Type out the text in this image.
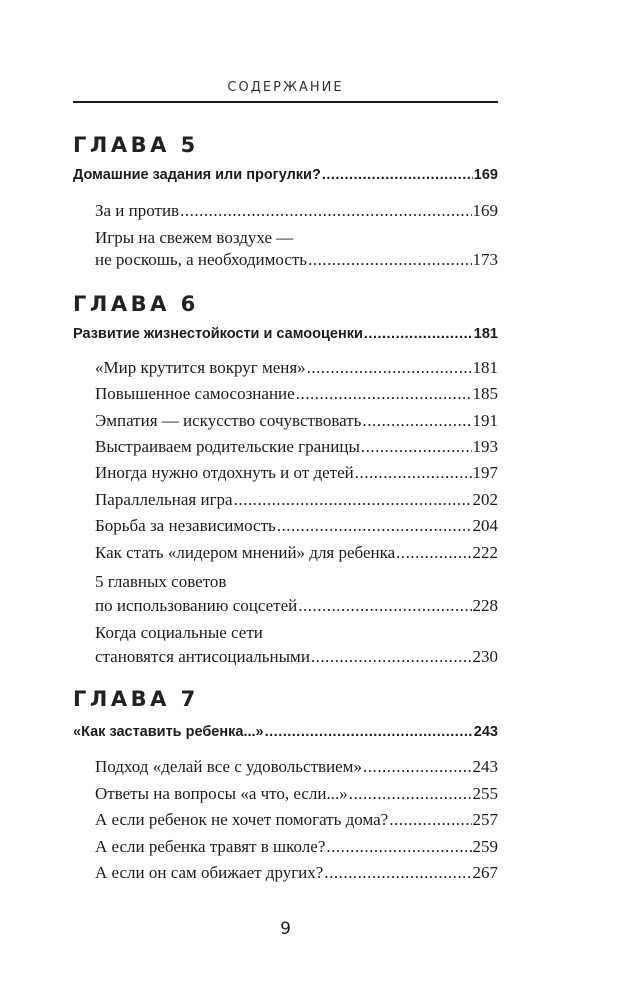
СОДЕРЖАНИЕ
ГЛАВА 5
Домашние задания или прогулки? .....	169
За и против .....	169
Игры на свежем воздухе —
не роскошь, а необходимость .....	173
ГЛАВА 6
Развитие жизнестойкости и самооценки .....	181
«Мир крутится вокруг меня» .....	181
Повышенное самосознание .....	185
Эмпатия — искусство сочувствовать .....	191
Выстраиваем родительские границы .....	193
Иногда нужно отдохнуть и от детей .....	197
Параллельная игра .....	202
Борьба за независимость .....	204
Как стать «лидером мнений» для ребенка .....	222
5 главных советов
по использованию соцсетей .....	228
Когда социальные сети
становятся антисоциальными .....	230
ГЛАВА 7
«Как заставить ребенка...» .....	243
Подход «делай все с удовольствием» .....	243
Ответы на вопросы «а что, если...» .....	255
А если ребенок не хочет помогать дома? .....	257
А если ребенка травят в школе? .....	259
А если он сам обижает других? .....	267
9
